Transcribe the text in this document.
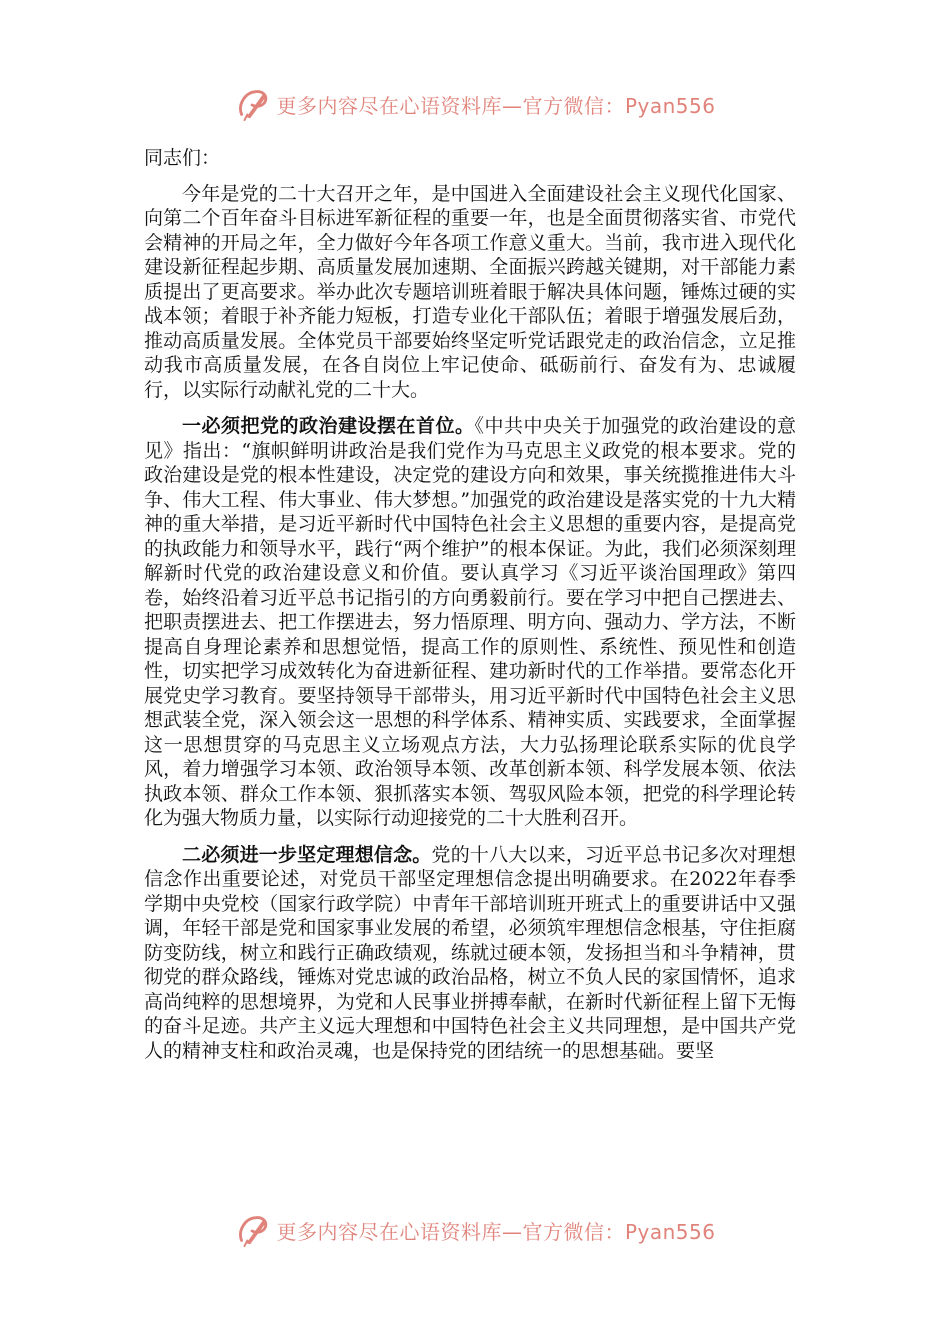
更多内容尽在心语资料库—官方微信：Pyan556

同志们：

今年是党的二十大召开之年，是中国进入全面建设社会主义现代化国家、向第二个百年奋斗目标进军新征程的重要一年，也是全面贯彻落实省、市党代会精神的开局之年，全力做好今年各项工作意义重大。当前，我市进入现代化建设新征程起步期、高质量发展加速期、全面振兴跨越关键期，对干部能力素质提出了更高要求。举办此次专题培训班着眼于解决具体问题，锤炼过硬的实战本领；着眼于补齐能力短板，打造专业化干部队伍；着眼于增强发展后劲，推动高质量发展。全体党员干部要始终坚定听党话跟党走的政治信念，立足推动我市高质量发展，在各自岗位上牢记使命、砥砺前行、奋发有为、忠诚履行，以实际行动献礼党的二十大。

一必须把党的政治建设摆在首位。《中共中央关于加强党的政治建设的意见》指出：“旗帜鲜明讲政治是我们党作为马克思主义政党的根本要求。党的政治建设是党的根本性建设，决定党的建设方向和效果，事关统揽推进伟大斗争、伟大工程、伟大事业、伟大梦想。”加强党的政治建设是落实党的十九大精神的重大举措，是习近平新时代中国特色社会主义思想的重要内容，是提高党的执政能力和领导水平，践行“两个维护”的根本保证。为此，我们必须深刻理解新时代党的政治建设意义和价值。要认真学习《习近平谈治国理政》第四卷，始终沿着习近平总书记指引的方向勇毅前行。要在学习中把自己摆进去、把职责摆进去、把工作摆进去，努力悟原理、明方向、强动力、学方法，不断提高自身理论素养和思想觉悟，提高工作的原则性、系统性、预见性和创造性，切实把学习成效转化为奋进新征程、建功新时代的工作举措。要常态化开展党史学习教育。要坚持领导干部带头，用习近平新时代中国特色社会主义思想武装全党，深入领会这一思想的科学体系、精神实质、实践要求，全面掌握这一思想贯穿的马克思主义立场观点方法，大力弘扬理论联系实际的优良学风，着力增强学习本领、政治领导本领、改革创新本领、科学发展本领、依法执政本领、群众工作本领、狠抓落实本领、驾驭风险本领，把党的科学理论转化为强大物质力量，以实际行动迎接党的二十大胜利召开。

二必须进一步坚定理想信念。党的十八大以来，习近平总书记多次对理想信念作出重要论述，对党员干部坚定理想信念提出明确要求。在2022年春季学期中央党校（国家行政学院）中青年干部培训班开班式上的重要讲话中又强调，年轻干部是党和国家事业发展的希望，必须筑牢理想信念根基，守住拒腐防变防线，树立和践行正确政绩观，练就过硬本领，发扬担当和斗争精神，贯彻党的群众路线，锤炼对党忠诚的政治品格，树立不负人民的家国情怀，追求高尚纯粹的思想境界，为党和人民事业拼搏奉献，在新时代新征程上留下无悔的奋斗足迹。共产主义远大理想和中国特色社会主义共同理想，是中国共产党人的精神支柱和政治灵魂，也是保持党的团结统一的思想基础。要坚

更多内容尽在心语资料库—官方微信：Pyan556
